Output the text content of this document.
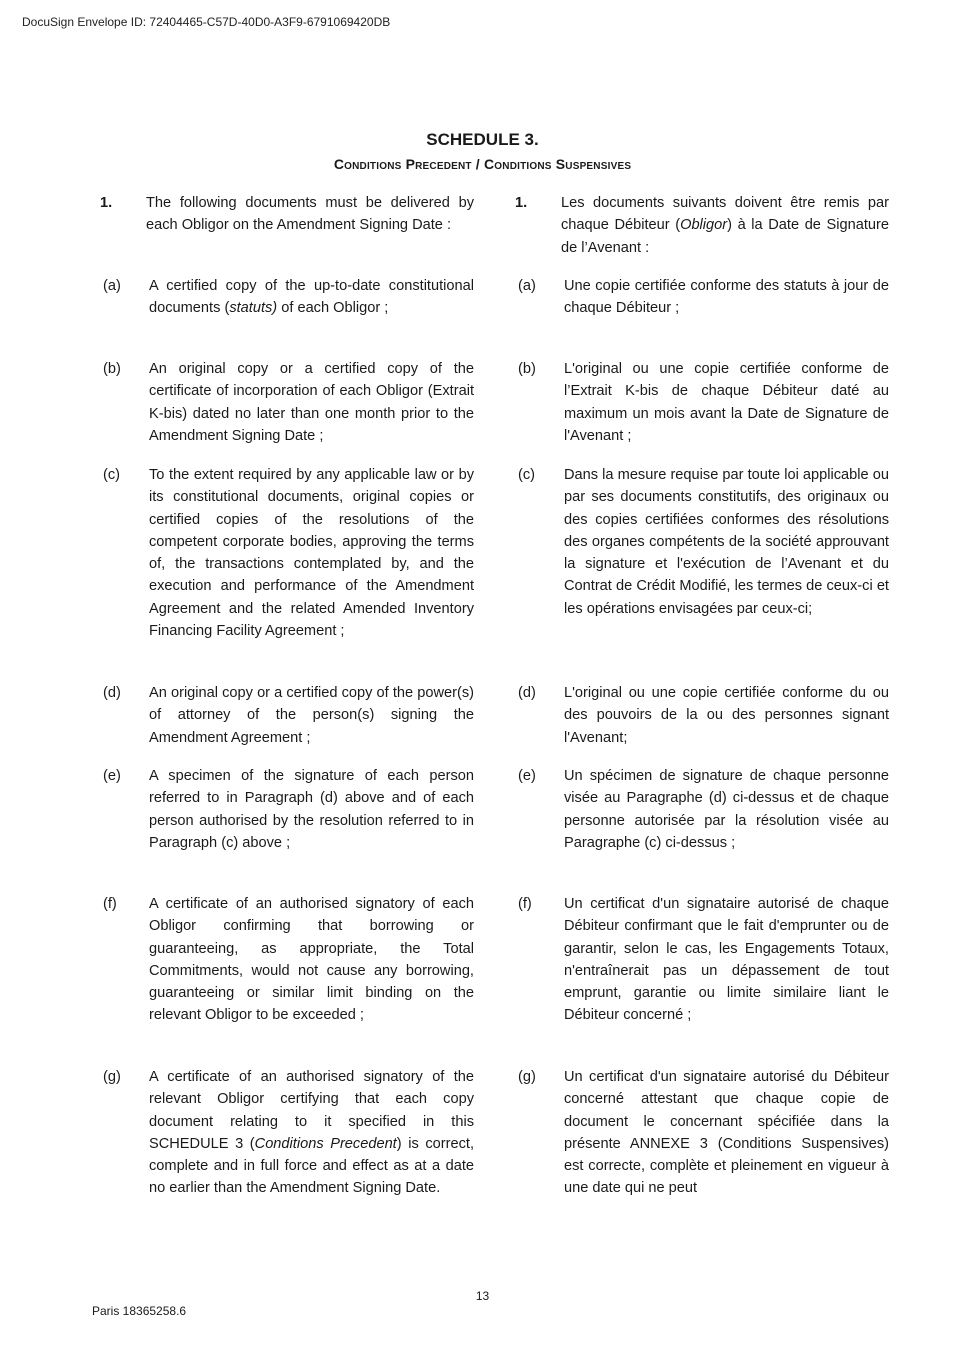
DocuSign Envelope ID: 72404465-C57D-40D0-A3F9-6791069420DB
SCHEDULE 3.
Conditions Precedent / Conditions Suspensives
1. The following documents must be delivered by each Obligor on the Amendment Signing Date :
(a) A certified copy of the up-to-date constitutional documents (statuts) of each Obligor ;
(b) An original copy or a certified copy of the certificate of incorporation of each Obligor (Extrait K-bis) dated no later than one month prior to the Amendment Signing Date ;
(c) To the extent required by any applicable law or by its constitutional documents, original copies or certified copies of the resolutions of the competent corporate bodies, approving the terms of, the transactions contemplated by, and the execution and performance of the Amendment Agreement and the related Amended Inventory Financing Facility Agreement ;
(d) An original copy or a certified copy of the power(s) of attorney of the person(s) signing the Amendment Agreement ;
(e) A specimen of the signature of each person referred to in Paragraph (d) above and of each person authorised by the resolution referred to in Paragraph (c) above ;
(f) A certificate of an authorised signatory of each Obligor confirming that borrowing or guaranteeing, as appropriate, the Total Commitments, would not cause any borrowing, guaranteeing or similar limit binding on the relevant Obligor to be exceeded ;
(g) A certificate of an authorised signatory of the relevant Obligor certifying that each copy document relating to it specified in this SCHEDULE 3 (Conditions Precedent) is correct, complete and in full force and effect as at a date no earlier than the Amendment Signing Date.
1. Les documents suivants doivent être remis par chaque Débiteur (Obligor) à la Date de Signature de l’Avenant :
(a) Une copie certifiée conforme des statuts à jour de chaque Débiteur ;
(b) L'original ou une copie certifiée conforme de l’Extrait K-bis de chaque Débiteur daté au maximum un mois avant la Date de Signature de l'Avenant ;
(c) Dans la mesure requise par toute loi applicable ou par ses documents constitutifs, des originaux ou des copies certifiées conformes des résolutions des organes compétents de la société approuvant la signature et l'exécution de l’Avenant et du Contrat de Crédit Modifié, les termes de ceux-ci et les opérations envisagées par ceux-ci;
(d) L'original ou une copie certifiée conforme du ou des pouvoirs de la ou des personnes signant l'Avenant;
(e) Un spécimen de signature de chaque personne visée au Paragraphe (d) ci-dessus et de chaque personne autorisée par la résolution visée au Paragraphe (c) ci-dessus ;
(f) Un certificat d'un signataire autorisé de chaque Débiteur confirmant que le fait d'emprunter ou de garantir, selon le cas, les Engagements Totaux, n'entraînerait pas un dépassement de tout emprunt, garantie ou limite similaire liant le Débiteur concerné ;
(g) Un certificat d'un signataire autorisé du Débiteur concerné attestant que chaque copie de document le concernant spécifiée dans la présente ANNEXE 3 (Conditions Suspensives) est correcte, complète et pleinement en vigueur à une date qui ne peut
13
Paris 18365258.6
